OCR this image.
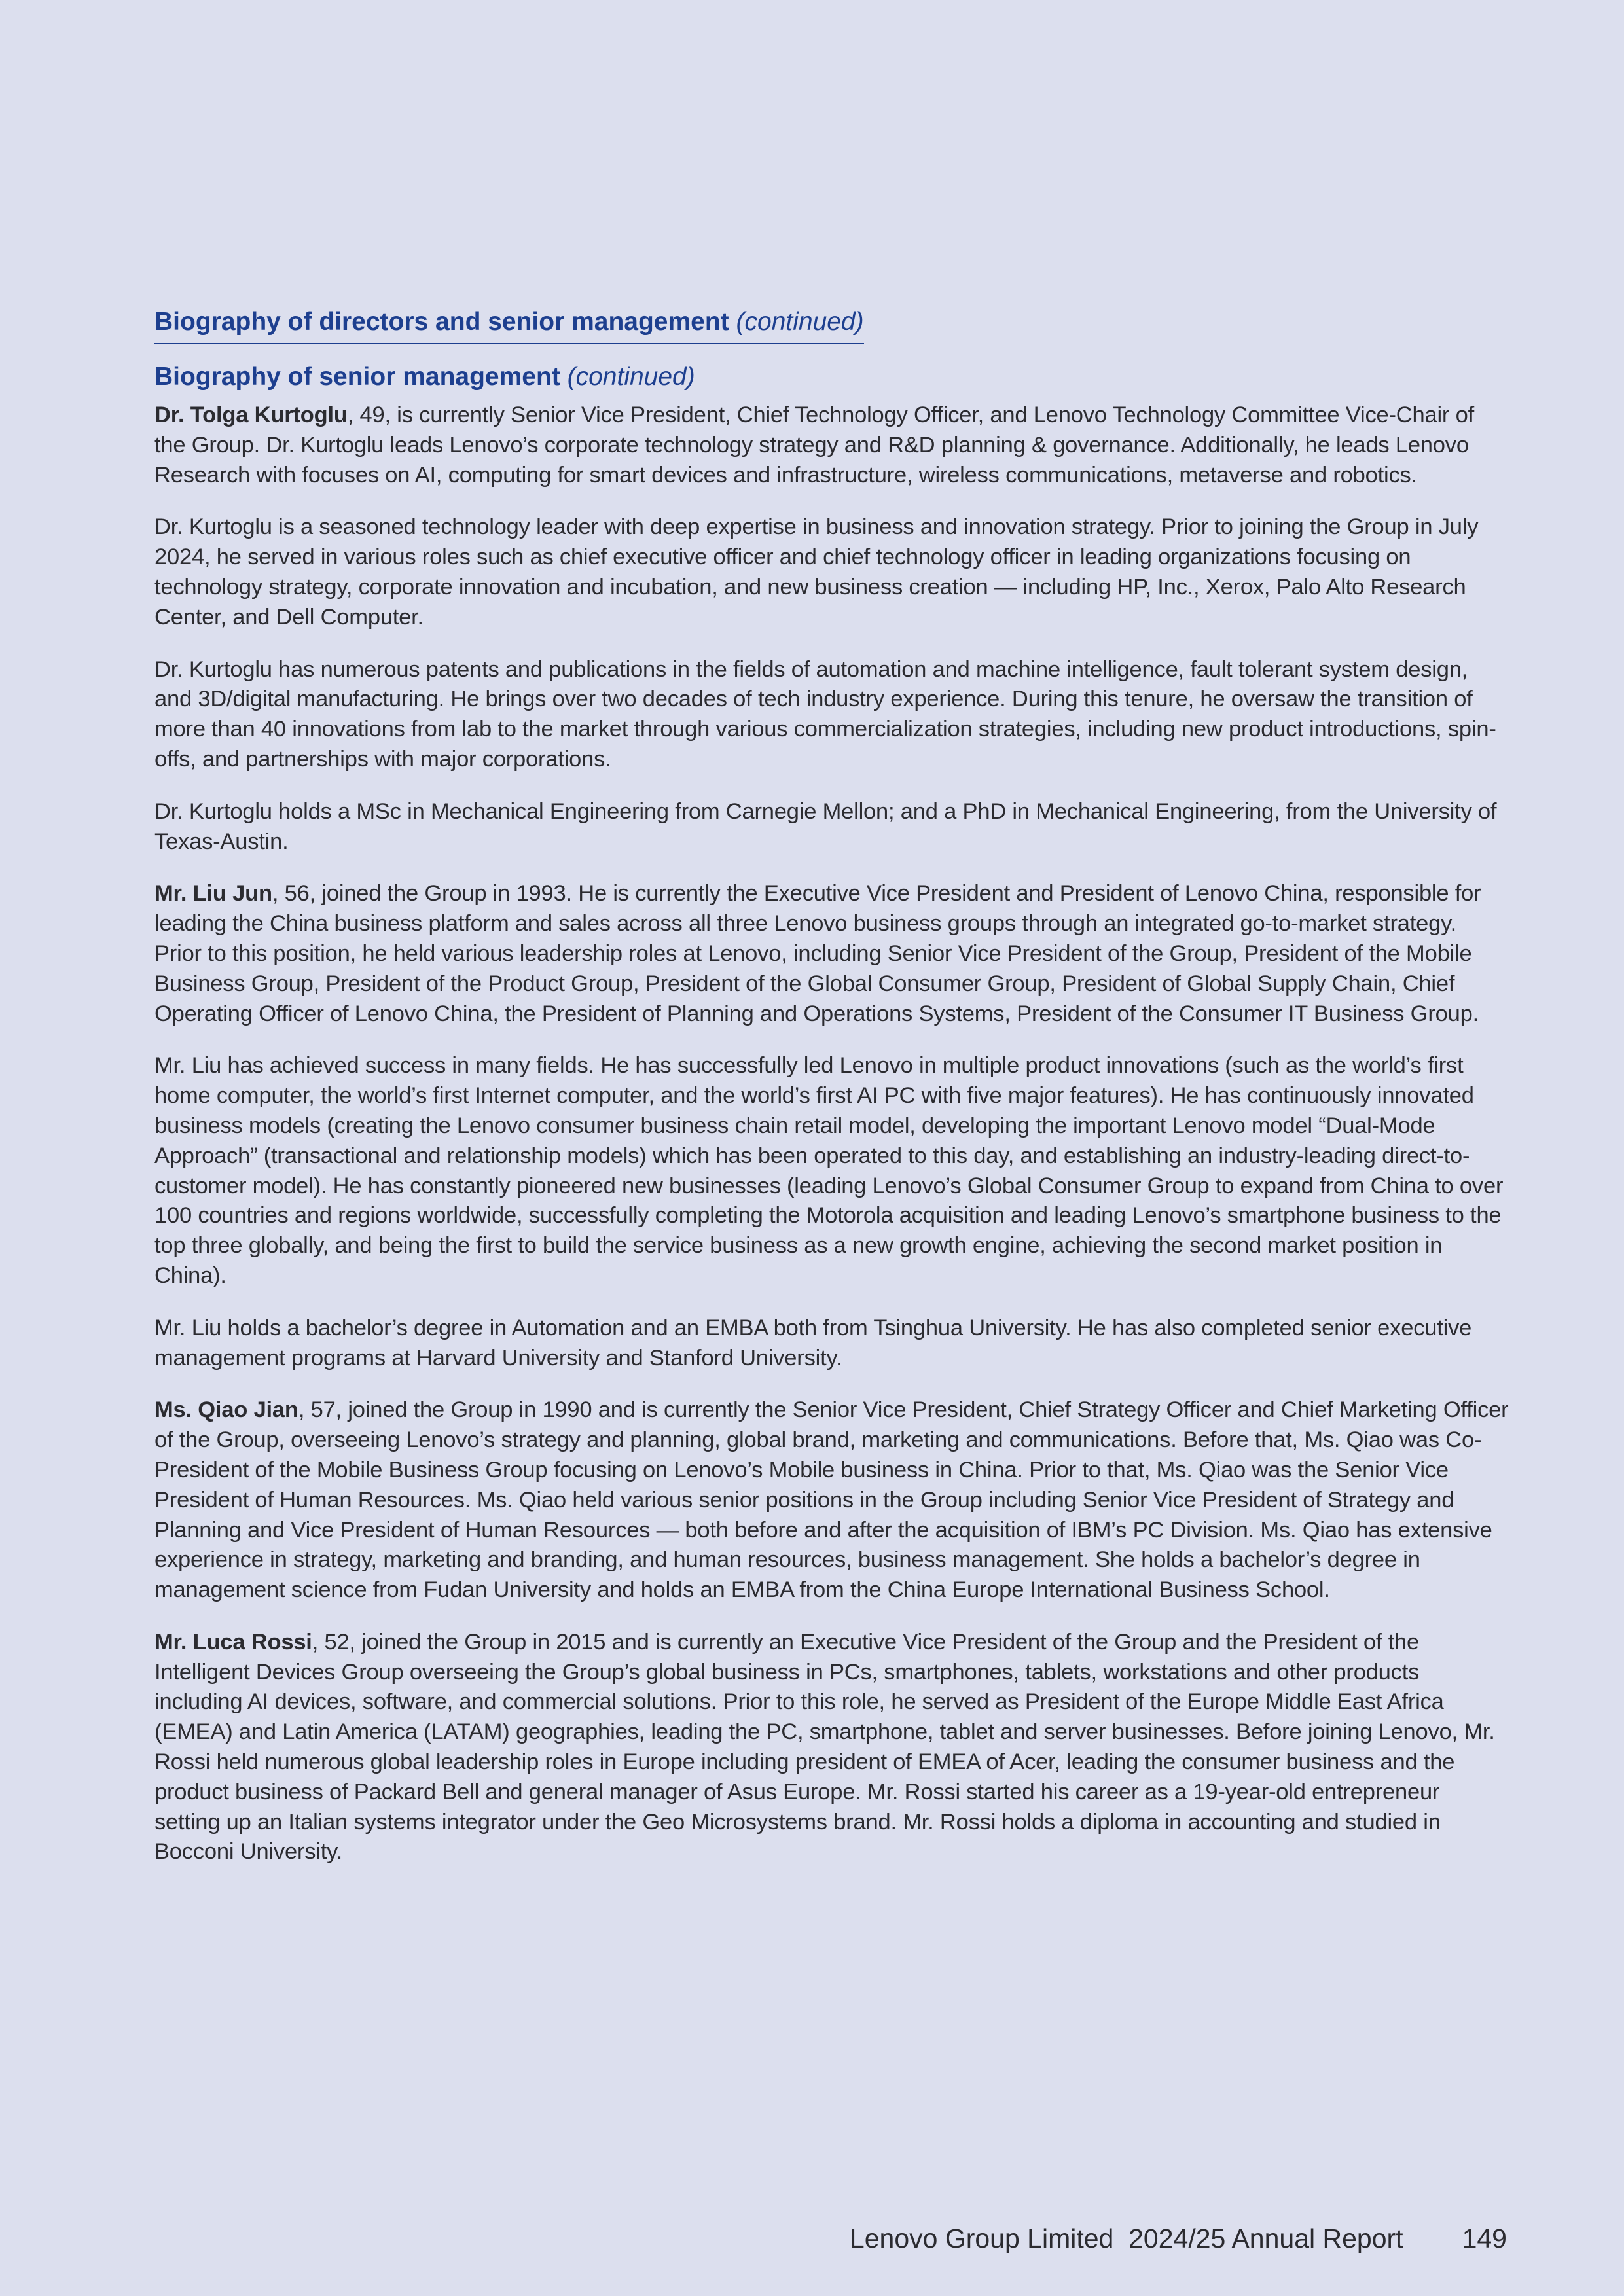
Biography of directors and senior management (continued)
Biography of senior management (continued)

Dr. Tolga Kurtoglu, 49, is currently Senior Vice President, Chief Technology Officer, and Lenovo Technology Committee Vice-Chair of the Group. Dr. Kurtoglu leads Lenovo’s corporate technology strategy and R&D planning & governance. Additionally, he leads Lenovo Research with focuses on AI, computing for smart devices and infrastructure, wireless communications, metaverse and robotics.

Dr. Kurtoglu is a seasoned technology leader with deep expertise in business and innovation strategy. Prior to joining the Group in July 2024, he served in various roles such as chief executive officer and chief technology officer in leading organizations focusing on technology strategy, corporate innovation and incubation, and new business creation — including HP, Inc., Xerox, Palo Alto Research Center, and Dell Computer.

Dr. Kurtoglu has numerous patents and publications in the fields of automation and machine intelligence, fault tolerant system design, and 3D/digital manufacturing. He brings over two decades of tech industry experience. During this tenure, he oversaw the transition of more than 40 innovations from lab to the market through various commercialization strategies, including new product introductions, spin-offs, and partnerships with major corporations.

Dr. Kurtoglu holds a MSc in Mechanical Engineering from Carnegie Mellon; and a PhD in Mechanical Engineering, from the University of Texas-Austin.

Mr. Liu Jun, 56, joined the Group in 1993. He is currently the Executive Vice President and President of Lenovo China, responsible for leading the China business platform and sales across all three Lenovo business groups through an integrated go-to-market strategy. Prior to this position, he held various leadership roles at Lenovo, including Senior Vice President of the Group, President of the Mobile Business Group, President of the Product Group, President of the Global Consumer Group, President of Global Supply Chain, Chief Operating Officer of Lenovo China, the President of Planning and Operations Systems, President of the Consumer IT Business Group.

Mr. Liu has achieved success in many fields. He has successfully led Lenovo in multiple product innovations (such as the world’s first home computer, the world’s first Internet computer, and the world’s first AI PC with five major features). He has continuously innovated business models (creating the Lenovo consumer business chain retail model, developing the important Lenovo model “Dual-Mode Approach” (transactional and relationship models) which has been operated to this day, and establishing an industry-leading direct-to-customer model). He has constantly pioneered new businesses (leading Lenovo’s Global Consumer Group to expand from China to over 100 countries and regions worldwide, successfully completing the Motorola acquisition and leading Lenovo’s smartphone business to the top three globally, and being the first to build the service business as a new growth engine, achieving the second market position in China).

Mr. Liu holds a bachelor’s degree in Automation and an EMBA both from Tsinghua University. He has also completed senior executive management programs at Harvard University and Stanford University.

Ms. Qiao Jian, 57, joined the Group in 1990 and is currently the Senior Vice President, Chief Strategy Officer and Chief Marketing Officer of the Group, overseeing Lenovo’s strategy and planning, global brand, marketing and communications. Before that, Ms. Qiao was Co-President of the Mobile Business Group focusing on Lenovo’s Mobile business in China. Prior to that, Ms. Qiao was the Senior Vice President of Human Resources. Ms. Qiao held various senior positions in the Group including Senior Vice President of Strategy and Planning and Vice President of Human Resources — both before and after the acquisition of IBM’s PC Division. Ms. Qiao has extensive experience in strategy, marketing and branding, and human resources, business management. She holds a bachelor’s degree in management science from Fudan University and holds an EMBA from the China Europe International Business School.

Mr. Luca Rossi, 52, joined the Group in 2015 and is currently an Executive Vice President of the Group and the President of the Intelligent Devices Group overseeing the Group’s global business in PCs, smartphones, tablets, workstations and other products including AI devices, software, and commercial solutions. Prior to this role, he served as President of the Europe Middle East Africa (EMEA) and Latin America (LATAM) geographies, leading the PC, smartphone, tablet and server businesses. Before joining Lenovo, Mr. Rossi held numerous global leadership roles in Europe including president of EMEA of Acer, leading the consumer business and the product business of Packard Bell and general manager of Asus Europe. Mr. Rossi started his career as a 19-year-old entrepreneur setting up an Italian systems integrator under the Geo Microsystems brand. Mr. Rossi holds a diploma in accounting and studied in Bocconi University.

Lenovo Group Limited  2024/25 Annual Report 149
